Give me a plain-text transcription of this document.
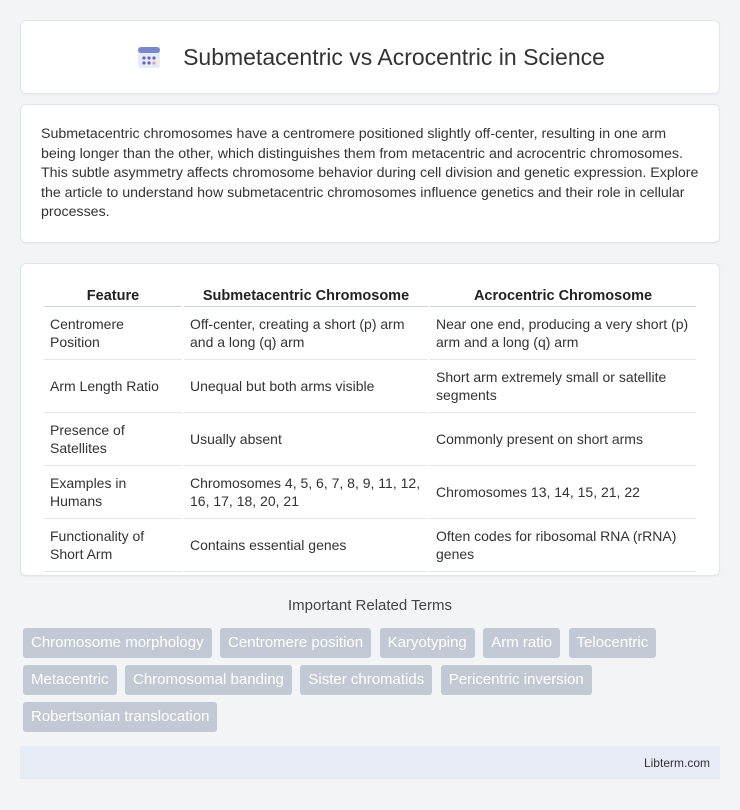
Submetacentric vs Acrocentric in Science

Submetacentric chromosomes have a centromere positioned slightly off-center, resulting in one arm being longer than the other, which distinguishes them from metacentric and acrocentric chromosomes. This subtle asymmetry affects chromosome behavior during cell division and genetic expression. Explore the article to understand how submetacentric chromosomes influence genetics and their role in cellular processes.

Feature	Submetacentric Chromosome	Acrocentric Chromosome
Centromere Position	Off-center, creating a short (p) arm and a long (q) arm	Near one end, producing a very short (p) arm and a long (q) arm
Arm Length Ratio	Unequal but both arms visible	Short arm extremely small or satellite segments
Presence of Satellites	Usually absent	Commonly present on short arms
Examples in Humans	Chromosomes 4, 5, 6, 7, 8, 9, 11, 12, 16, 17, 18, 20, 21	Chromosomes 13, 14, 15, 21, 22
Functionality of Short Arm	Contains essential genes	Often codes for ribosomal RNA (rRNA) genes
Important Related Terms
Chromosome morphology Centromere position Karyotyping Arm ratio Telocentric Metacentric Chromosomal banding Sister chromatids Pericentric inversion Robertsonian translocation
Libterm.com
